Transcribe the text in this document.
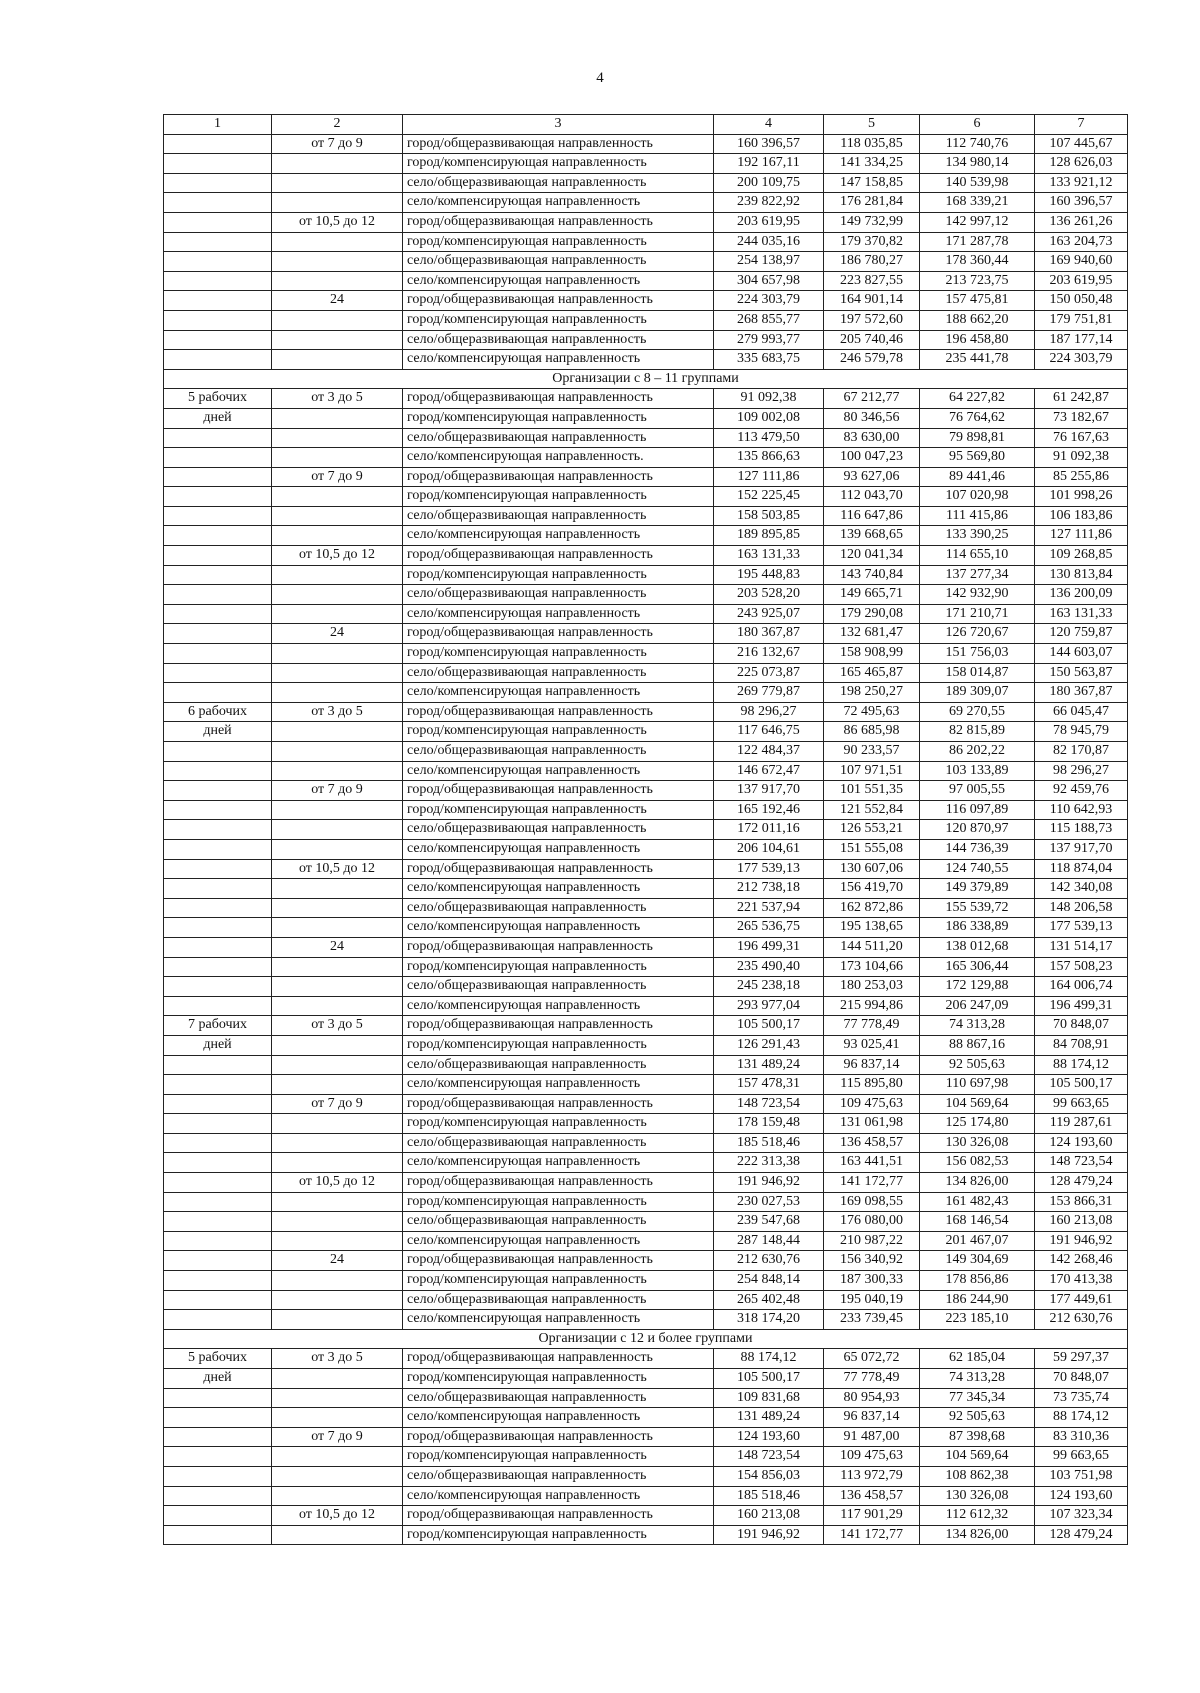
4
1	2	3	4	5	6	7
	от 7 до 9	город/общеразвивающая направленность	160 396,57	118 035,85	112 740,76	107 445,67
		город/компенсирующая направленность	192 167,11	141 334,25	134 980,14	128 626,03
		село/общеразвивающая направленность	200 109,75	147 158,85	140 539,98	133 921,12
		село/компенсирующая направленность	239 822,92	176 281,84	168 339,21	160 396,57
	от 10,5 до 12	город/общеразвивающая направленность	203 619,95	149 732,99	142 997,12	136 261,26
		город/компенсирующая направленность	244 035,16	179 370,82	171 287,78	163 204,73
		село/общеразвивающая направленность	254 138,97	186 780,27	178 360,44	169 940,60
		село/компенсирующая направленность	304 657,98	223 827,55	213 723,75	203 619,95
	24	город/общеразвивающая направленность	224 303,79	164 901,14	157 475,81	150 050,48
		город/компенсирующая направленность	268 855,77	197 572,60	188 662,20	179 751,81
		село/общеразвивающая направленность	279 993,77	205 740,46	196 458,80	187 177,14
		село/компенсирующая направленность	335 683,75	246 579,78	235 441,78	224 303,79
Организации с 8 – 11 группами						
5 рабочих	от 3 до 5	город/общеразвивающая направленность	91 092,38	67 212,77	64 227,82	61 242,87
дней		город/компенсирующая направленность	109 002,08	80 346,56	76 764,62	73 182,67
		село/общеразвивающая направленность	113 479,50	83 630,00	79 898,81	76 167,63
		село/компенсирующая направленность.	135 866,63	100 047,23	95 569,80	91 092,38
	от 7 до 9	город/общеразвивающая направленность	127 111,86	93 627,06	89 441,46	85 255,86
		город/компенсирующая направленность	152 225,45	112 043,70	107 020,98	101 998,26
		село/общеразвивающая направленность	158 503,85	116 647,86	111 415,86	106 183,86
		село/компенсирующая направленность	189 895,85	139 668,65	133 390,25	127 111,86
	от 10,5 до 12	город/общеразвивающая направленность	163 131,33	120 041,34	114 655,10	109 268,85
		город/компенсирующая направленность	195 448,83	143 740,84	137 277,34	130 813,84
		село/общеразвивающая направленность	203 528,20	149 665,71	142 932,90	136 200,09
		село/компенсирующая направленность	243 925,07	179 290,08	171 210,71	163 131,33
	24	город/общеразвивающая направленность	180 367,87	132 681,47	126 720,67	120 759,87
		город/компенсирующая направленность	216 132,67	158 908,99	151 756,03	144 603,07
		село/общеразвивающая направленность	225 073,87	165 465,87	158 014,87	150 563,87
		село/компенсирующая направленность	269 779,87	198 250,27	189 309,07	180 367,87
6 рабочих	от 3 до 5	город/общеразвивающая направленность	98 296,27	72 495,63	69 270,55	66 045,47
дней		город/компенсирующая направленность	117 646,75	86 685,98	82 815,89	78 945,79
		село/общеразвивающая направленность	122 484,37	90 233,57	86 202,22	82 170,87
		село/компенсирующая направленность	146 672,47	107 971,51	103 133,89	98 296,27
	от 7 до 9	город/общеразвивающая направленность	137 917,70	101 551,35	97 005,55	92 459,76
		город/компенсирующая направленность	165 192,46	121 552,84	116 097,89	110 642,93
		село/общеразвивающая направленность	172 011,16	126 553,21	120 870,97	115 188,73
		село/компенсирующая направленность	206 104,61	151 555,08	144 736,39	137 917,70
	от 10,5 до 12	город/общеразвивающая направленность	177 539,13	130 607,06	124 740,55	118 874,04
		село/компенсирующая направленность	212 738,18	156 419,70	149 379,89	142 340,08
		село/общеразвивающая направленность	221 537,94	162 872,86	155 539,72	148 206,58
		село/компенсирующая направленность	265 536,75	195 138,65	186 338,89	177 539,13
	24	город/общеразвивающая направленность	196 499,31	144 511,20	138 012,68	131 514,17
		город/компенсирующая направленность	235 490,40	173 104,66	165 306,44	157 508,23
		село/общеразвивающая направленность	245 238,18	180 253,03	172 129,88	164 006,74
		село/компенсирующая направленность	293 977,04	215 994,86	206 247,09	196 499,31
7 рабочих	от 3 до 5	город/общеразвивающая направленность	105 500,17	77 778,49	74 313,28	70 848,07
дней		город/компенсирующая направленность	126 291,43	93 025,41	88 867,16	84 708,91
		село/общеразвивающая направленность	131 489,24	96 837,14	92 505,63	88 174,12
		село/компенсирующая направленность	157 478,31	115 895,80	110 697,98	105 500,17
	от 7 до 9	город/общеразвивающая направленность	148 723,54	109 475,63	104 569,64	99 663,65
		город/компенсирующая направленность	178 159,48	131 061,98	125 174,80	119 287,61
		село/общеразвивающая направленность	185 518,46	136 458,57	130 326,08	124 193,60
		село/компенсирующая направленность	222 313,38	163 441,51	156 082,53	148 723,54
	от 10,5 до 12	город/общеразвивающая направленность	191 946,92	141 172,77	134 826,00	128 479,24
		город/компенсирующая направленность	230 027,53	169 098,55	161 482,43	153 866,31
		село/общеразвивающая направленность	239 547,68	176 080,00	168 146,54	160 213,08
		село/компенсирующая направленность	287 148,44	210 987,22	201 467,07	191 946,92
	24	город/общеразвивающая направленность	212 630,76	156 340,92	149 304,69	142 268,46
		город/компенсирующая направленность	254 848,14	187 300,33	178 856,86	170 413,38
		село/общеразвивающая направленность	265 402,48	195 040,19	186 244,90	177 449,61
		село/компенсирующая направленность	318 174,20	233 739,45	223 185,10	212 630,76
Организации с 12 и более группами						
5 рабочих	от 3 до 5	город/общеразвивающая направленность	88 174,12	65 072,72	62 185,04	59 297,37
дней		город/компенсирующая направленность	105 500,17	77 778,49	74 313,28	70 848,07
		село/общеразвивающая направленность	109 831,68	80 954,93	77 345,34	73 735,74
		село/компенсирующая направленность	131 489,24	96 837,14	92 505,63	88 174,12
	от 7 до 9	город/общеразвивающая направленность	124 193,60	91 487,00	87 398,68	83 310,36
		город/компенсирующая направленность	148 723,54	109 475,63	104 569,64	99 663,65
		село/общеразвивающая направленность	154 856,03	113 972,79	108 862,38	103 751,98
		село/компенсирующая направленность	185 518,46	136 458,57	130 326,08	124 193,60
	от 10,5 до 12	город/общеразвивающая направленность	160 213,08	117 901,29	112 612,32	107 323,34
		город/компенсирующая направленность	191 946,92	141 172,77	134 826,00	128 479,24
